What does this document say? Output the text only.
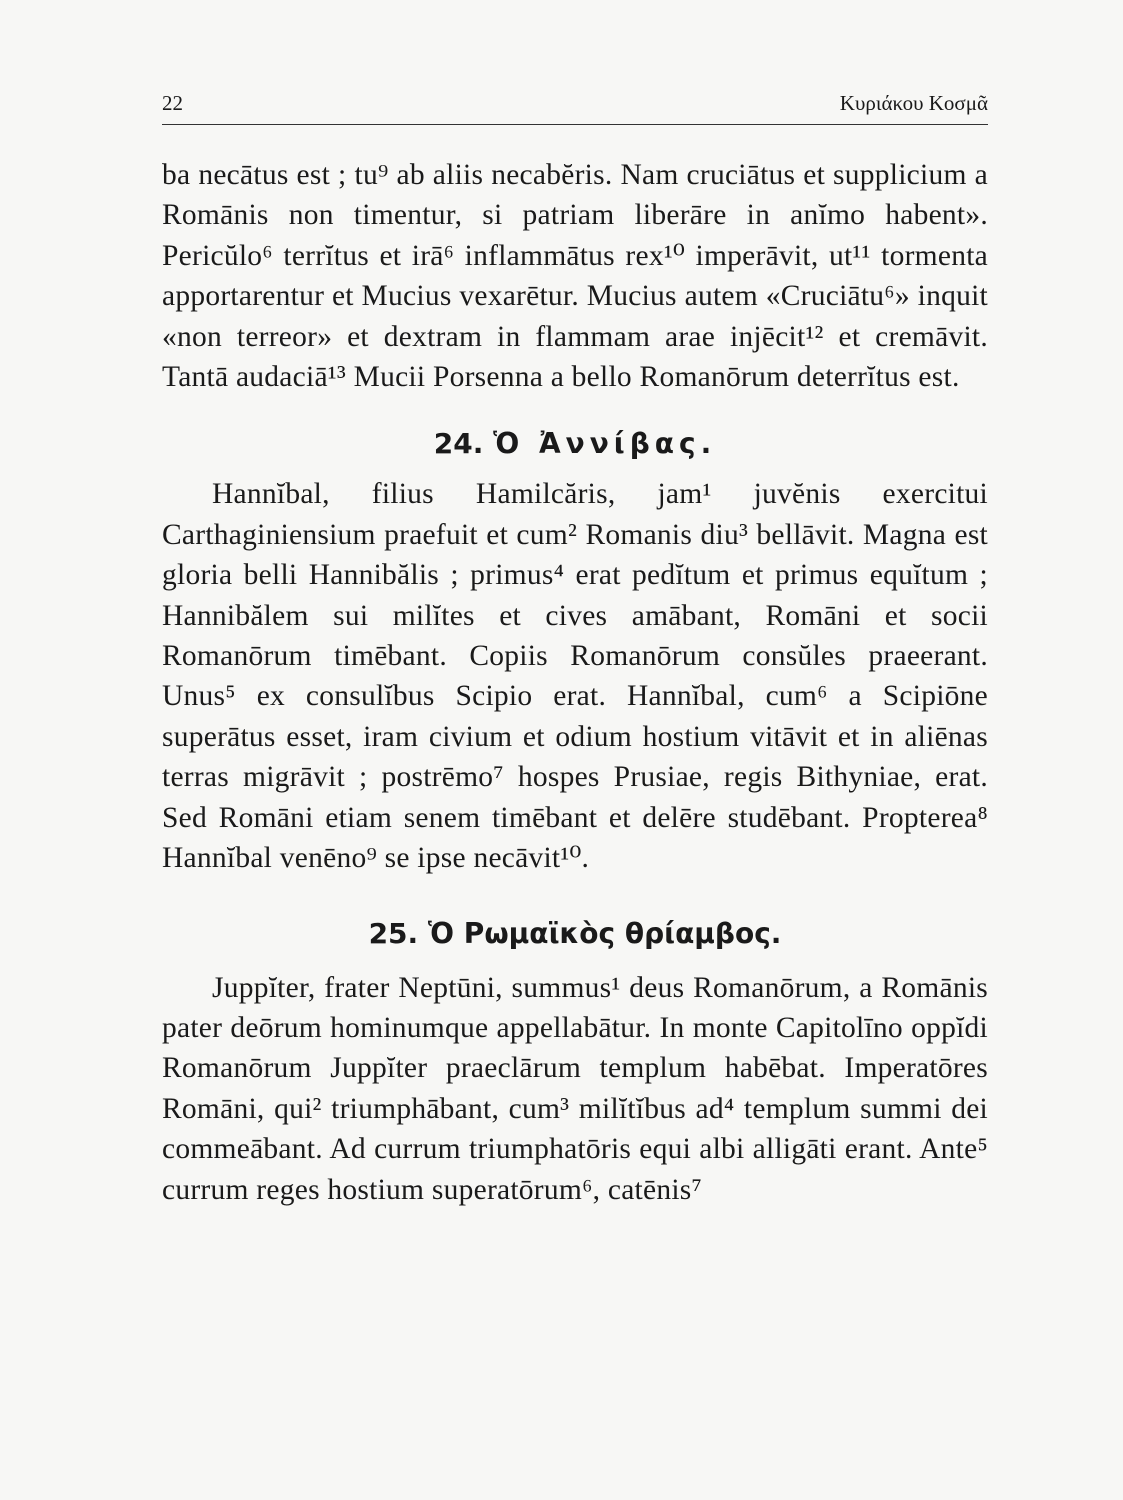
22	Κυριάκου Κοσμᾶ

ba necātus est ; tu⁹ ab aliis necabĕris. Nam cruciātus et supplicium a Romānis non timentur, si patriam liberāre in anĭmo habent». Pericŭlo⁶ terrĭtus et irā⁶ inflammātus rex¹⁰ imperāvit, ut¹¹ tormenta apportarentur et Mucius vexarētur. Mucius autem «Cruciātu⁶» inquit «non terreor» et dextram in flammam arae injēcit¹² et cremāvit. Tantā audaciā¹³ Mucii Porsenna a bello Romanōrum deterrĭtus est.

24. Ὁ Ἀννίβας.

Hannĭbal, filius Hamilcăris, jam¹ juvĕnis exercitui Carthaginiensium praefuit et cum² Romanis diu³ bellāvit. Magna est gloria belli Hannibălis ; primus⁴ erat pedĭtum et primus equĭtum ; Hannibălem sui milĭtes et cives amābant, Romāni et socii Romanōrum timēbant. Copiis Romanōrum consŭles praeerant. Unus⁵ ex consulĭbus Scipio erat. Hannĭbal, cum⁶ a Scipiōne superātus esset, iram civium et odium hostium vitāvit et in aliēnas terras migrāvit ; postrēmo⁷ hospes Prusiae, regis Bithyniae, erat. Sed Romāni etiam senem timēbant et delēre studēbant. Propterea⁸ Hannĭbal venēno⁹ se ipse necāvit¹⁰.

25. Ὁ Ρωμαϊκὸς θρίαμβος.

Juppĭter, frater Neptūni, summus¹ deus Romanōrum, a Romānis pater deōrum hominumque appellabātur. In monte Capitolīno oppĭdi Romanōrum Juppĭter praeclārum templum habēbat. Imperatōres Romāni, qui² triumphābant, cum³ milĭtĭbus ad⁴ templum summi dei commeābant. Ad currum triumphatōris equi albi alligāti erant. Ante⁵ currum reges hostium superatōrum⁶, catēnis⁷
